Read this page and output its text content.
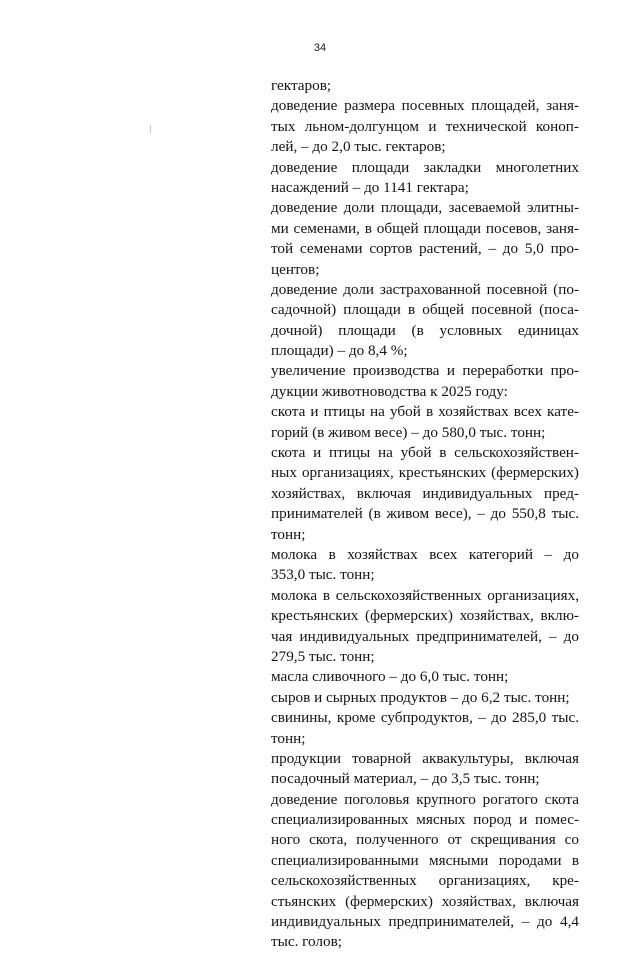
34
гектаров;
доведение размера посевных площадей, заня-
тых льном-долгунцом и технической коноп-
лей, – до 2,0 тыс. гектаров;
доведение площади закладки многолетних
насаждений – до 1141 гектара;
доведение доли площади, засеваемой элитны-
ми семенами, в общей площади посевов, заня-
той семенами сортов растений, – до 5,0 про-
центов;
доведение доли застрахованной посевной (по-
садочной) площади в общей посевной (поса-
дочной) площади (в условных единицах
площади) – до 8,4 %;
увеличение производства и переработки про-
дукции животноводства к 2025 году:
скота и птицы на убой в хозяйствах всех кате-
горий (в живом весе) – до 580,0 тыс. тонн;
скота и птицы на убой в сельскохозяйствен-
ных организациях, крестьянских (фермерских)
хозяйствах, включая индивидуальных пред-
принимателей (в живом весе), – до 550,8 тыс.
тонн;
молока в хозяйствах всех категорий – до
353,0 тыс. тонн;
молока в сельскохозяйственных организациях,
крестьянских (фермерских) хозяйствах, вклю-
чая индивидуальных предпринимателей, – до
279,5 тыс. тонн;
масла сливочного – до 6,0 тыс. тонн;
сыров и сырных продуктов – до 6,2 тыс. тонн;
свинины, кроме субпродуктов, – до 285,0 тыс.
тонн;
продукции товарной аквакультуры, включая
посадочный материал, – до 3,5 тыс. тонн;
доведение поголовья крупного рогатого скота
специализированных мясных пород и помес-
ного скота, полученного от скрещивания со
специализированными мясными породами в
сельскохозяйственных организациях, кре-
стьянских (фермерских) хозяйствах, включая
индивидуальных предпринимателей, – до 4,4
тыс. голов;
